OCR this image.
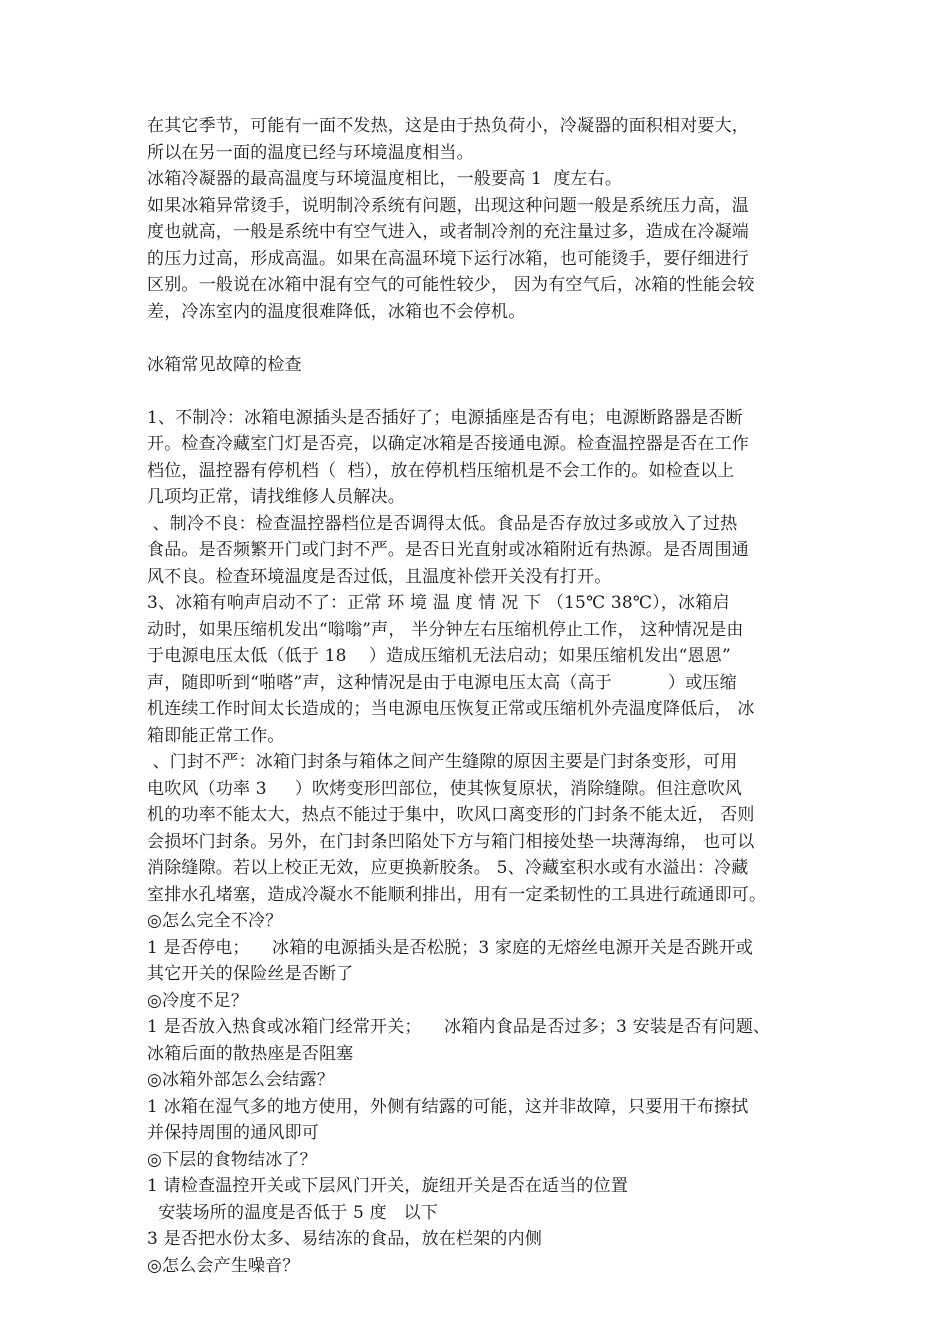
在其它季节，可能有一面不发热，这是由于热负荷小，冷凝器的面积相对要大，
所以在另一面的温度已经与环境温度相当。
冰箱冷凝器的最高温度与环境温度相比，一般要高 1  度左右。
如果冰箱异常烫手，说明制冷系统有问题，出现这种问题一般是系统压力高，温
度也就高，一般是系统中有空气进入，或者制冷剂的充注量过多，造成在冷凝端
的压力过高，形成高温。如果在高温环境下运行冰箱，也可能烫手，要仔细进行
区别。一般说在冰箱中混有空气的可能性较少， 因为有空气后，冰箱的性能会较
差，冷冻室内的温度很难降低，冰箱也不会停机。
冰箱常见故障的检查
1、不制冷：冰箱电源插头是否插好了；电源插座是否有电；电源断路器是否断
开。检查冷藏室门灯是否亮，以确定冰箱是否接通电源。检查温控器是否在工作
档位，温控器有停机档（  档），放在停机档压缩机是不会工作的。如检查以上
几项均正常，请找维修人员解决。
、制冷不良：检查温控器档位是否调得太低。食品是否存放过多或放入了过热
食品。是否频繁开门或门封不严。是否日光直射或冰箱附近有热源。是否周围通
风不良。检查环境温度是否过低，且温度补偿开关没有打开。
3、冰箱有响声启动不了：正常 环 境 温 度 情 况 下 （15℃ 38℃），冰箱启
动时，如果压缩机发出“嗡嗡”声， 半分钟左右压缩机停止工作， 这种情况是由
于电源电压太低（低于 18    ）造成压缩机无法启动；如果压缩机发出“恩恩”
声，随即听到“啪嗒”声，这种情况是由于电源电压太高（高于          ）或压缩
机连续工作时间太长造成的；当电源电压恢复正常或压缩机外壳温度降低后， 冰
箱即能正常工作。
、门封不严：冰箱门封条与箱体之间产生缝隙的原因主要是门封条变形，可用
电吹风（功率 3     ）吹烤变形凹部位，使其恢复原状，消除缝隙。但注意吹风
机的功率不能太大，热点不能过于集中，吹风口离变形的门封条不能太近， 否则
会损坏门封条。另外，在门封条凹陷处下方与箱门相接处垫一块薄海绵， 也可以
消除缝隙。若以上校正无效，应更换新胶条。 5、冷藏室积水或有水溢出：冷藏
室排水孔堵塞，造成冷凝水不能顺利排出，用有一定柔韧性的工具进行疏通即可。
◎怎么完全不冷？
1 是否停电；    冰箱的电源插头是否松脱；3 家庭的无熔丝电源开关是否跳开或
其它开关的保险丝是否断了
◎冷度不足？
1 是否放入热食或冰箱门经常开关；    冰箱内食品是否过多；3 安装是否有问题、
冰箱后面的散热座是否阻塞
◎冰箱外部怎么会结露？
1 冰箱在湿气多的地方使用，外侧有结露的可能，这并非故障，只要用干布擦拭
并保持周围的通风即可
◎下层的食物结冰了？
1 请检查温控开关或下层风门开关，旋纽开关是否在适当的位置
安装场所的温度是否低于 5 度   以下
3 是否把水份太多、易结冻的食品，放在栏架的内侧
◎怎么会产生噪音？
